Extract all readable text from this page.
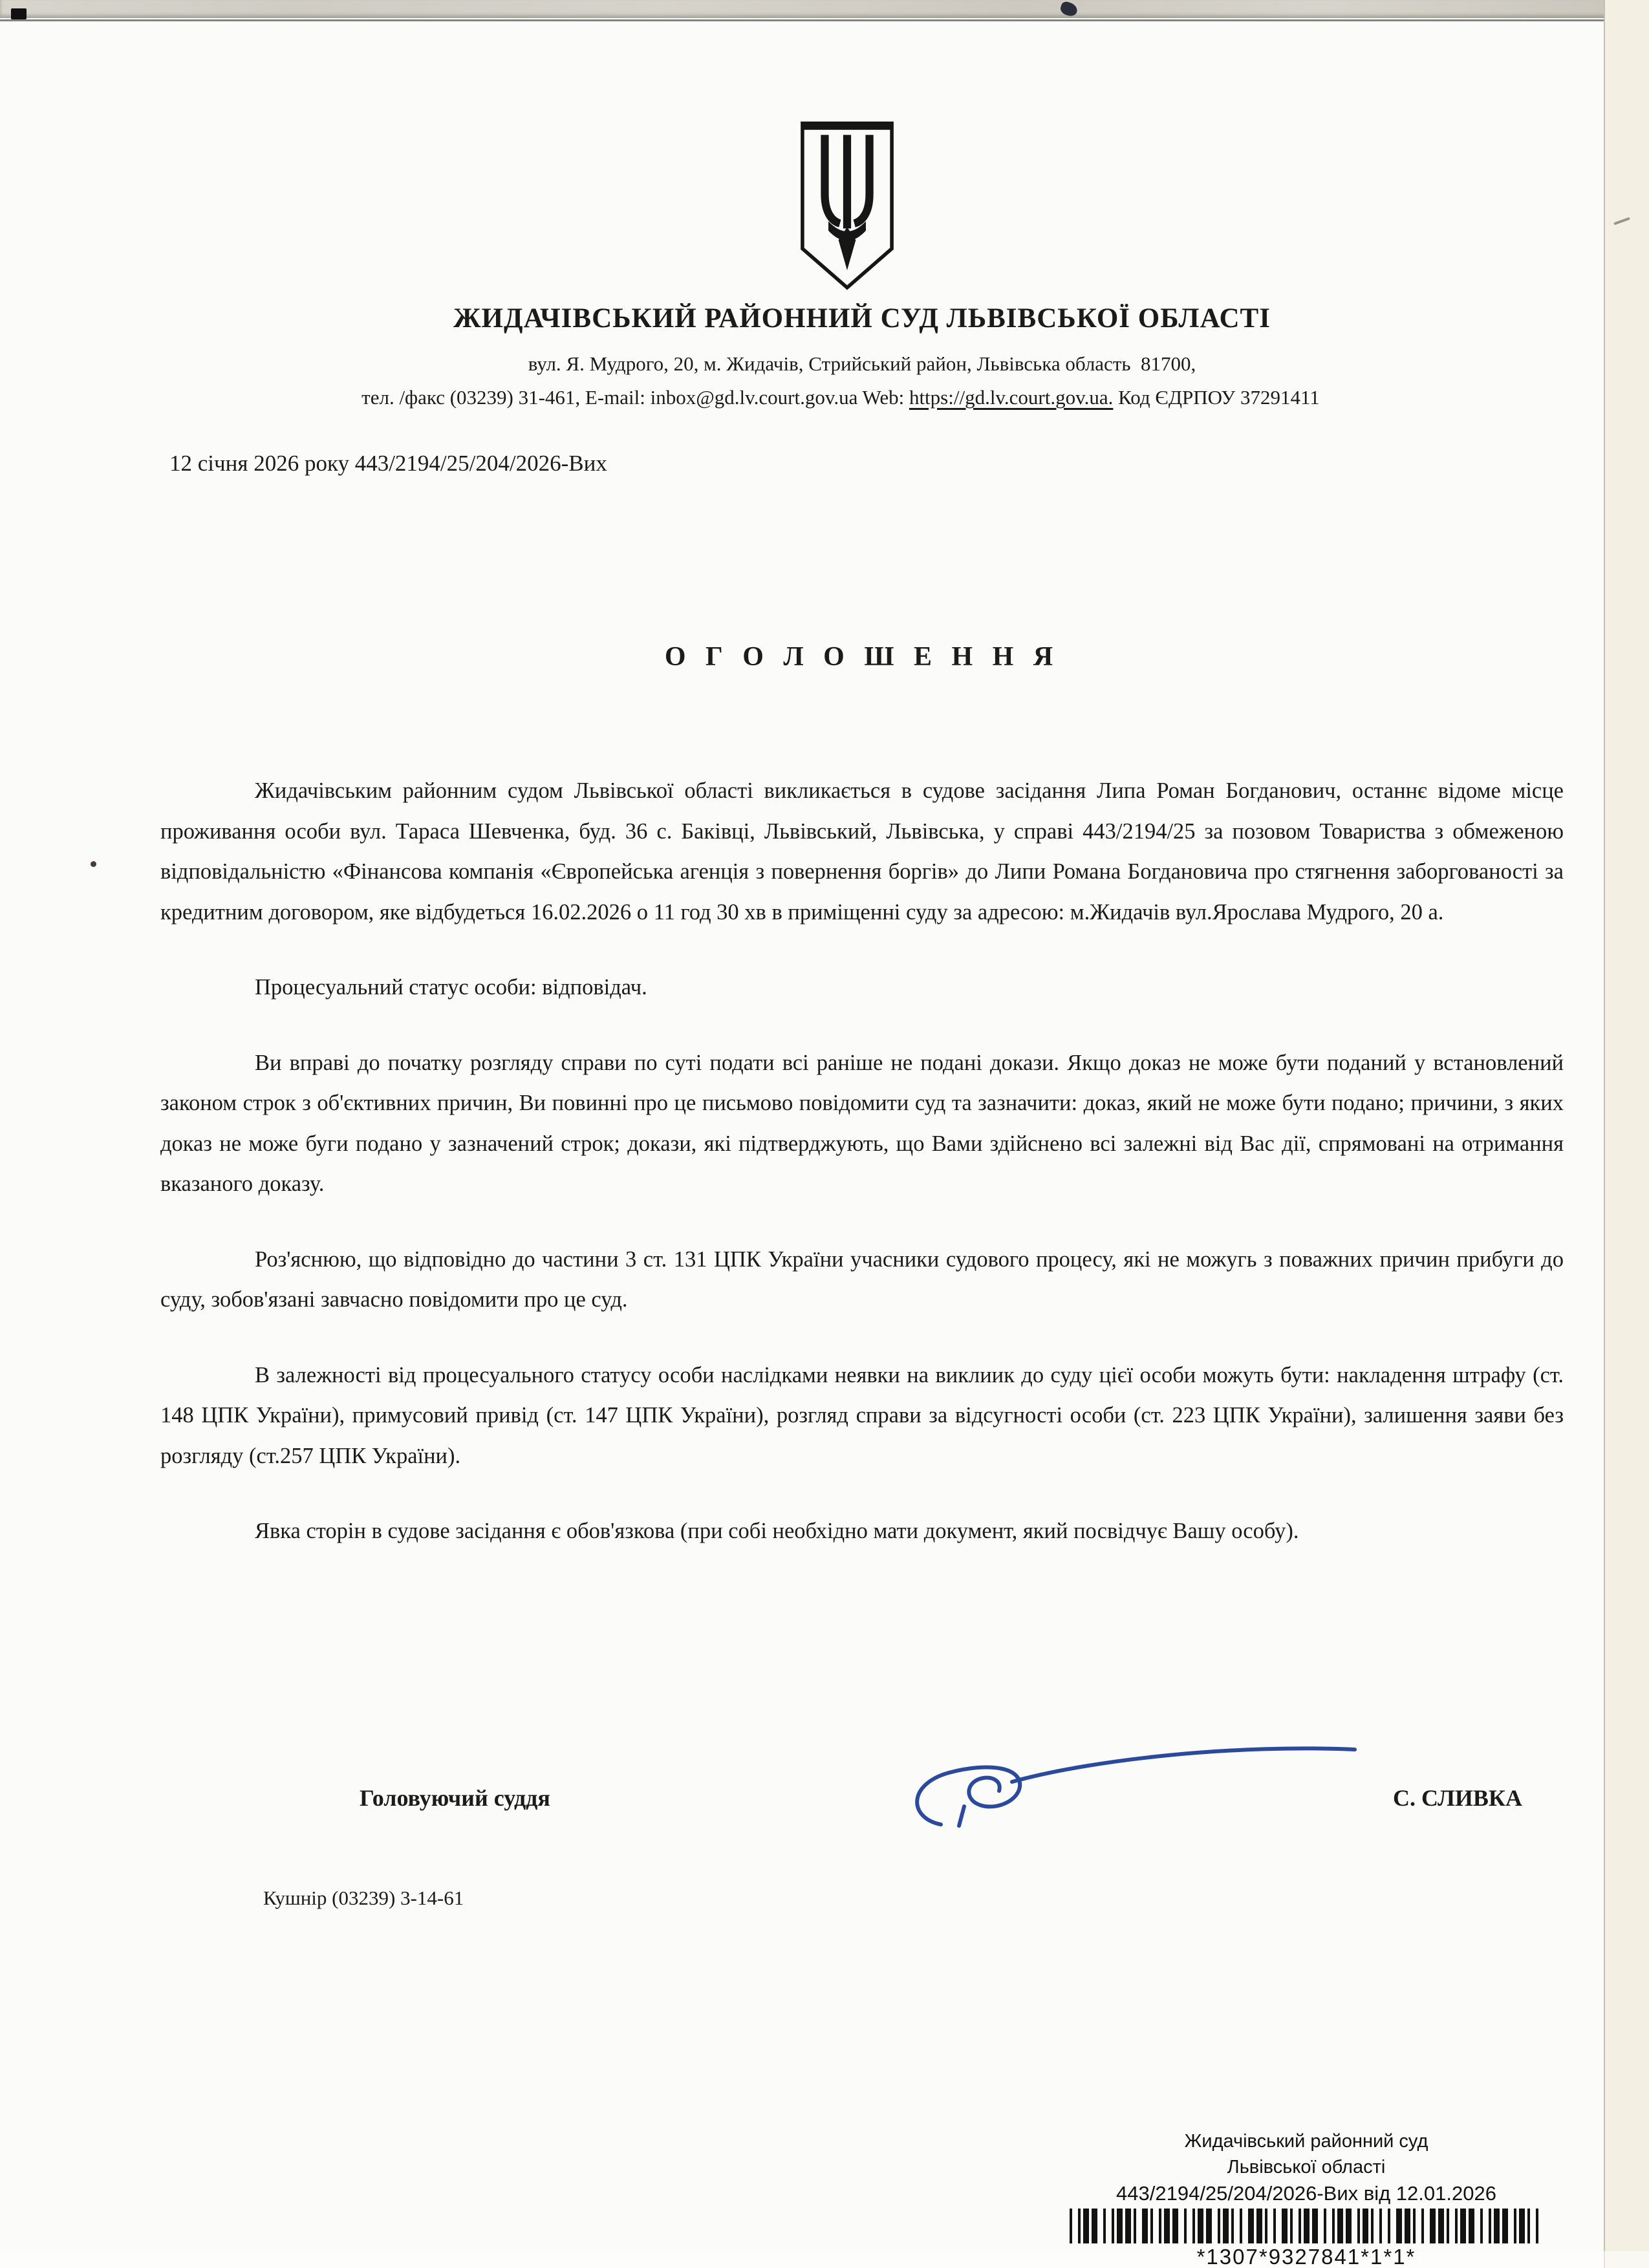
ЖИДАЧІВСЬКИЙ РАЙОННИЙ СУД ЛЬВІВСЬКОЇ ОБЛАСТІ
вул. Я. Мудрого, 20, м. Жидачів, Стрийський район, Львівська область  81700,
тел. /факс (03239) 31-461, E-mail: inbox@gd.lv.court.gov.ua Web: https://gd.lv.court.gov.ua. Код ЄДРПОУ 37291411
12 січня 2026 року 443/2194/25/204/2026-Вих
О Г О Л О Ш Е Н Н Я

Жидачівським районним судом Львівської області викликається в судове засідання Липа Роман Богданович, останнє відоме місце проживання особи вул. Тараса Шевченка, буд. 36 с. Баківці, Львівський, Львівська, у справі 443/2194/25 за позовом Товариства з обмеженою відповідальністю «Фінансова компанія «Європейська агенція з повернення боргів» до Липи Романа Богдановича про стягнення заборгованості за кредитним договором, яке відбудеться 16.02.2026 о 11 год 30 хв в приміщенні суду за адресою: м.Жидачів вул.Ярослава Мудрого, 20 а.

Процесуальний статус особи: відповідач.

Ви вправі до початку розгляду справи по суті подати всі раніше не подані докази. Якщо доказ не може бути поданий у встановлений законом строк з об'єктивних причин, Ви повинні про це письмово повідомити суд та зазначити: доказ, який не може бути подано; причини, з яких доказ не може буги подано у зазначений строк; докази, які підтверджують, що Вами здійснено всі залежні від Вас дії, спрямовані на отримання вказаного доказу.

Роз'яснюю, що відповідно до частини 3 ст. 131 ЦПК України учасники судового процесу, які не можугь з поважних причин прибуги до суду, зобов'язані завчасно повідомити про це суд.

В залежності від процесуального статусу особи наслідками неявки на виклиик до суду цієї особи можуть бути: накладення штрафу (ст. 148 ЦПК України), примусовий привід (ст. 147 ЦПК України), розгляд справи за відсугності особи (ст. 223 ЦПК України), залишення заяви без розгляду (ст.257 ЦПК України).

Явка сторін в судове засідання є обов'язкова (при собі необхідно мати документ, який посвідчує Вашу особу).

Головуючий суддя	С. СЛИВКА
Кушнір (03239) 3-14-61
Жидачівський районний суд
Львівської області
443/2194/25/204/2026-Вих від 12.01.2026
*1307*9327841*1*1*
